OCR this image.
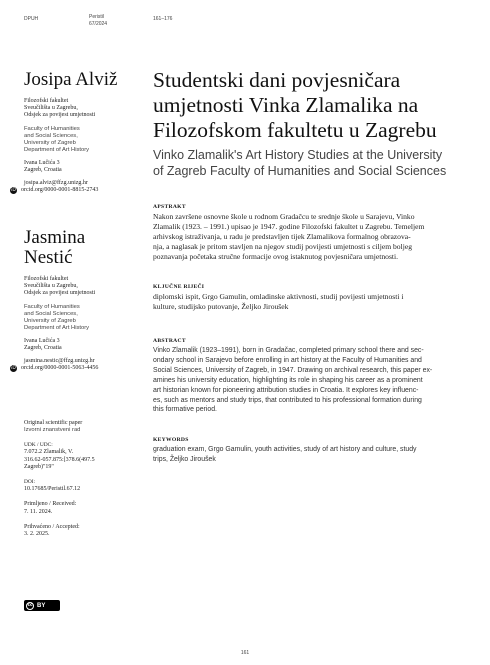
DPUH	Peristil
67/2024
161–176
Josipa Alviž
Filozofski fakultet
Sveučilišta u Zagrebu,
Odsjek za povijest umjetnosti
Faculty of Humanities
and Social Sciences,
University of Zagreb
Department of Art History
Ivana Lučića 3
Zagreb, Croatia
josipa.alviz@ffzg.unizg.hr
iD orcid.org/0000-0001-8815-2743
Jasmina
Nestić
Filozofski fakultet
Sveučilišta u Zagrebu,
Odsjek za povijest umjetnosti
Faculty of Humanities
and Social Sciences,
University of Zagreb
Department of Art History
Ivana Lučića 3
Zagreb, Croatia
jasmina.nestic@ffzg.unizg.hr
iD orcid.org/0000-0001-5063-4456
Original scientific paper
Izvorni znanstveni rad
UDK / UDC:
7.072.2 Zlamalik, V.
316.62-057.875:[378.6(497.5
Zagreb)"19"
DOI:
10.17685/Peristil.67.12
Primljeno / Received:
7. 11. 2024.
Prihvaćeno / Accepted:
3. 2. 2025.
cc BY
Studentski dani povjesničara
umjetnosti Vinka Zlamalika na
Filozofskom fakultetu u Zagrebu
Vinko Zlamalik's Art History Studies at the University
of Zagreb Faculty of Humanities and Social Sciences
APSTRAKT
Nakon završene osnovne škole u rodnom Gradačcu te srednje škole u Sarajevu, Vinko
Zlamalik (1923. – 1991.) upisao je 1947. godine Filozofski fakultet u Zagrebu. Temeljem
arhivskog istraživanja, u radu je predstavljen tijek Zlamalikova formalnog obrazova-
nja, a naglasak je pritom stavljen na njegov studij povijesti umjetnosti s ciljem boljeg
poznavanja početaka stručne formacije ovog istaknutog povjesničara umjetnosti.
KLJUČNE RIJEČI
diplomski ispit, Grgo Gamulin, omladinske aktivnosti, studij povijesti umjetnosti i
kulture, studijsko putovanje, Željko Jiroušek
ABSTRACT
Vinko Zlamalik (1923–1991), born in Gradačac, completed primary school there and sec-
ondary school in Sarajevo before enrolling in art history at the Faculty of Humanities and
Social Sciences, University of Zagreb, in 1947. Drawing on archival research, this paper ex-
amines his university education, highlighting its role in shaping his career as a prominent
art historian known for pioneering attribution studies in Croatia. It explores key influenc-
es, such as mentors and study trips, that contributed to his professional formation during
this formative period.
KEYWORDS
graduation exam, Grgo Gamulin, youth activities, study of art history and culture, study
trips, Željko Jiroušek
161
